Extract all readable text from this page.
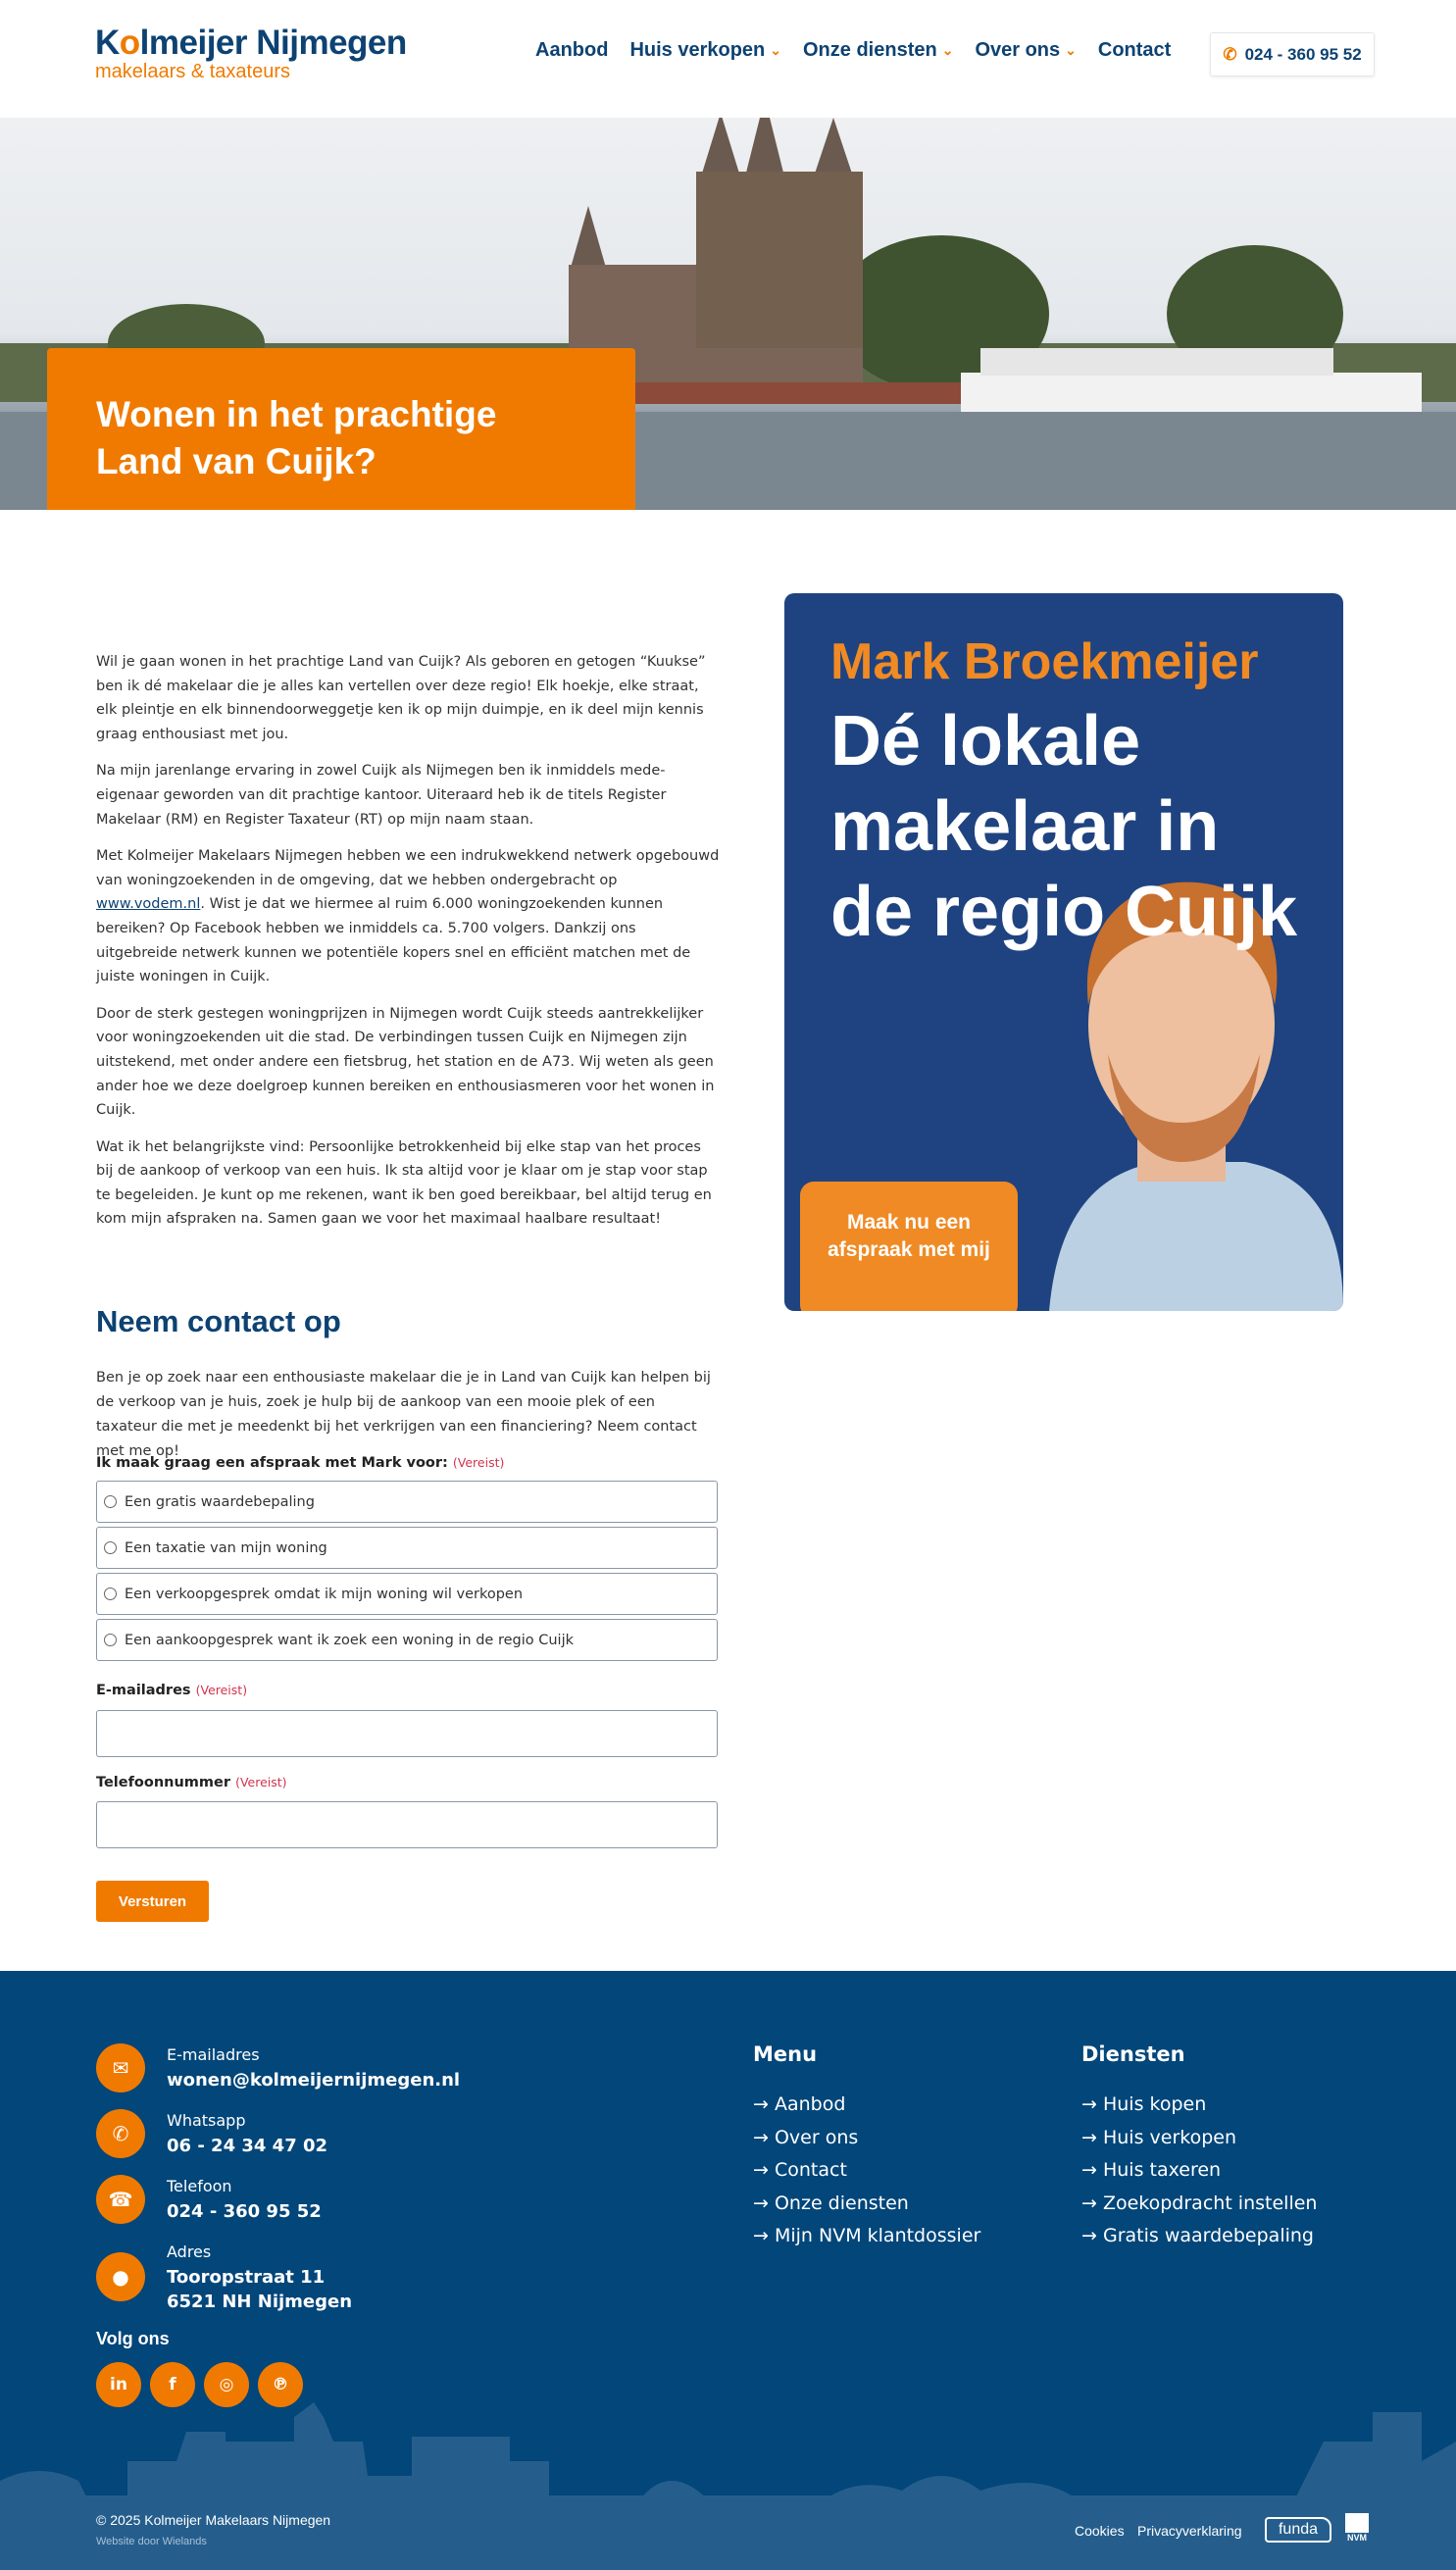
Kolmeijer Nijmegen
makelaars & taxateurs
Aanbod Huis verkopen ⌄ Onze diensten ⌄ Over ons ⌄ Contact	✆ 024 - 360 95 52
Wonen in het prachtige Land van Cuijk?

Wil je gaan wonen in het prachtige Land van Cuijk? Als geboren en getogen “Kuukse” ben ik dé makelaar die je alles kan vertellen over deze regio! Elk hoekje, elke straat, elk pleintje en elk binnendoorweggetje ken ik op mijn duimpje, en ik deel mijn kennis graag enthousiast met jou.

Na mijn jarenlange ervaring in zowel Cuijk als Nijmegen ben ik inmiddels mede-eigenaar geworden van dit prachtige kantoor. Uiteraard heb ik de titels Register Makelaar (RM) en Register Taxateur (RT) op mijn naam staan.

Met Kolmeijer Makelaars Nijmegen hebben we een indrukwekkend netwerk opgebouwd van woningzoekenden in de omgeving, dat we hebben ondergebracht op www.vodem.nl. Wist je dat we hiermee al ruim 6.000 woningzoekenden kunnen bereiken? Op Facebook hebben we inmiddels ca. 5.700 volgers. Dankzij ons uitgebreide netwerk kunnen we potentiële kopers snel en efficiënt matchen met de juiste woningen in Cuijk.

Door de sterk gestegen woningprijzen in Nijmegen wordt Cuijk steeds aantrekkelijker voor woningzoekenden uit die stad. De verbindingen tussen Cuijk en Nijmegen zijn uitstekend, met onder andere een fietsbrug, het station en de A73. Wij weten als geen ander hoe we deze doelgroep kunnen bereiken en enthousiasmeren voor het wonen in Cuijk.

Wat ik het belangrijkste vind: Persoonlijke betrokkenheid bij elke stap van het proces bij de aankoop of verkoop van een huis. Ik sta altijd voor je klaar om je stap voor stap te begeleiden. Je kunt op me rekenen, want ik ben goed bereikbaar, bel altijd terug en kom mijn afspraken na. Samen gaan we voor het maximaal haalbare resultaat!

Mark Broekmeijer
Dé lokale makelaar in de regio Cuijk
Maak nu een afspraak met mij
Neem contact op

Ben je op zoek naar een enthousiaste makelaar die je in Land van Cuijk kan helpen bij de verkoop van je huis, zoek je hulp bij de aankoop van een mooie plek of een taxateur die met je meedenkt bij het verkrijgen van een financiering? Neem contact met me op!

Ik maak graag een afspraak met Mark voor: (Vereist)
Een gratis waardebepaling
Een taxatie van mijn woning
Een verkoopgesprek omdat ik mijn woning wil verkopen
Een aankoopgesprek want ik zoek een woning in de regio Cuijk
E-mailadres (Vereist)
Telefoonnummer (Vereist)
Versturen
✉
E-mailadres
wonen@kolmeijernijmegen.nl
✆
Whatsapp
06 - 24 34 47 02
☎
Telefoon
024 - 360 95 52
●
Adres
Tooropstraat 11
6521 NH Nijmegen
Volg ons
in	f	◎	℗
Menu
→ Aanbod
→ Over ons
→ Contact
→ Onze diensten
→ Mijn NVM klantdossier
Diensten
→ Huis kopen
→ Huis verkopen
→ Huis taxeren
→ Zoekopdracht instellen
→ Gratis waardebepaling
© 2025 Kolmeijer Makelaars Nijmegen
Website door Wielands
Cookies Privacyverklaring	funda	NVM
